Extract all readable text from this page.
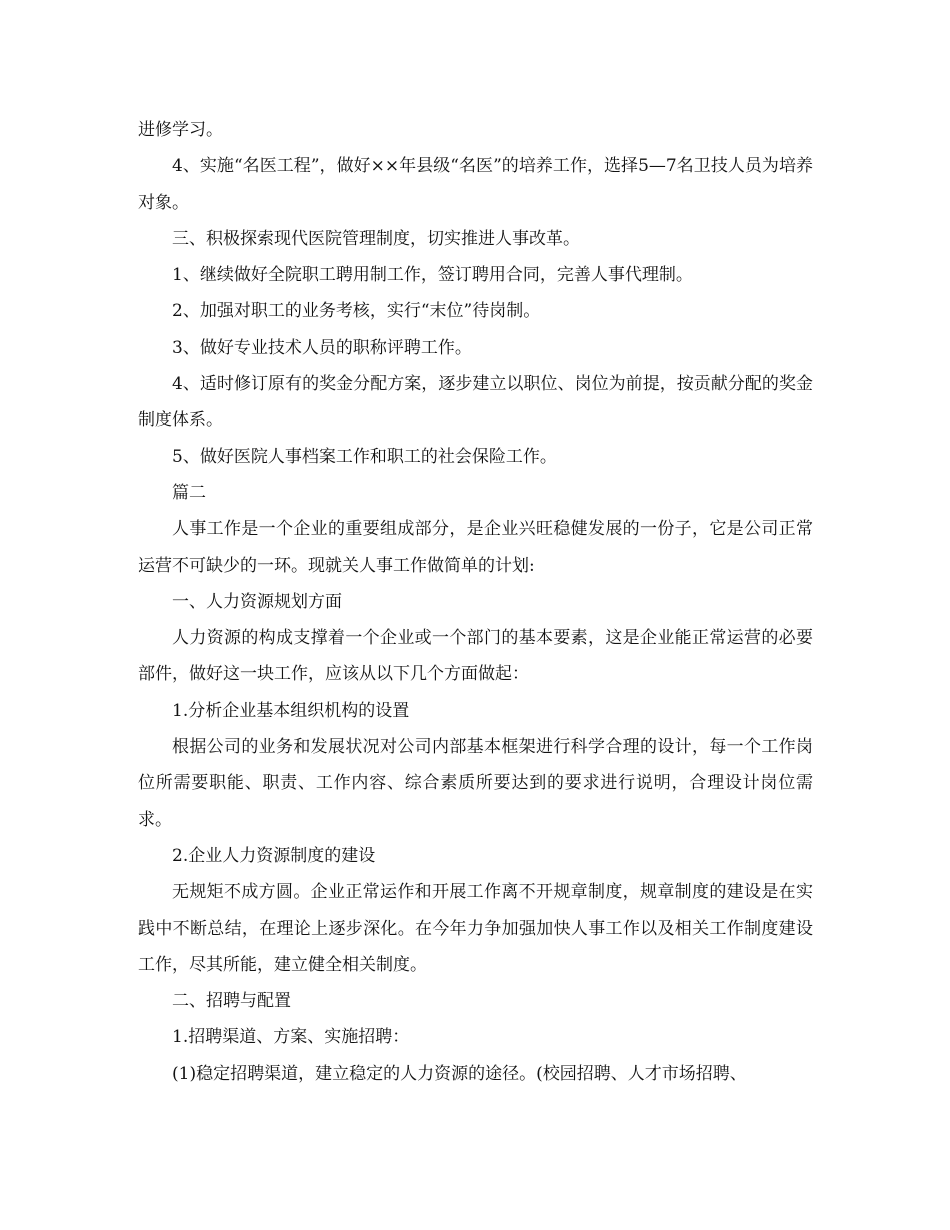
进修学习。

4、实施“名医工程”，做好××年县级“名医”的培养工作，选择5—7名卫技人员为培养对象。

三、积极探索现代医院管理制度，切实推进人事改革。

1、继续做好全院职工聘用制工作，签订聘用合同，完善人事代理制。

2、加强对职工的业务考核，实行“末位”待岗制。

3、做好专业技术人员的职称评聘工作。

4、适时修订原有的奖金分配方案，逐步建立以职位、岗位为前提，按贡献分配的奖金制度体系。

5、做好医院人事档案工作和职工的社会保险工作。

篇二

人事工作是一个企业的重要组成部分，是企业兴旺稳健发展的一份子，它是公司正常运营不可缺少的一环。现就关人事工作做简单的计划:

一、人力资源规划方面

人力资源的构成支撑着一个企业或一个部门的基本要素，这是企业能正常运营的必要部件，做好这一块工作，应该从以下几个方面做起：

1.分析企业基本组织机构的设置

根据公司的业务和发展状况对公司内部基本框架进行科学合理的设计，每一个工作岗位所需要职能、职责、工作内容、综合素质所要达到的要求进行说明，合理设计岗位需求。

2.企业人力资源制度的建设

无规矩不成方圆。企业正常运作和开展工作离不开规章制度，规章制度的建设是在实践中不断总结，在理论上逐步深化。在今年力争加强加快人事工作以及相关工作制度建设工作，尽其所能，建立健全相关制度。

二、招聘与配置

1.招聘渠道、方案、实施招聘：

(1)稳定招聘渠道，建立稳定的人力资源的途径。(校园招聘、人才市场招聘、
